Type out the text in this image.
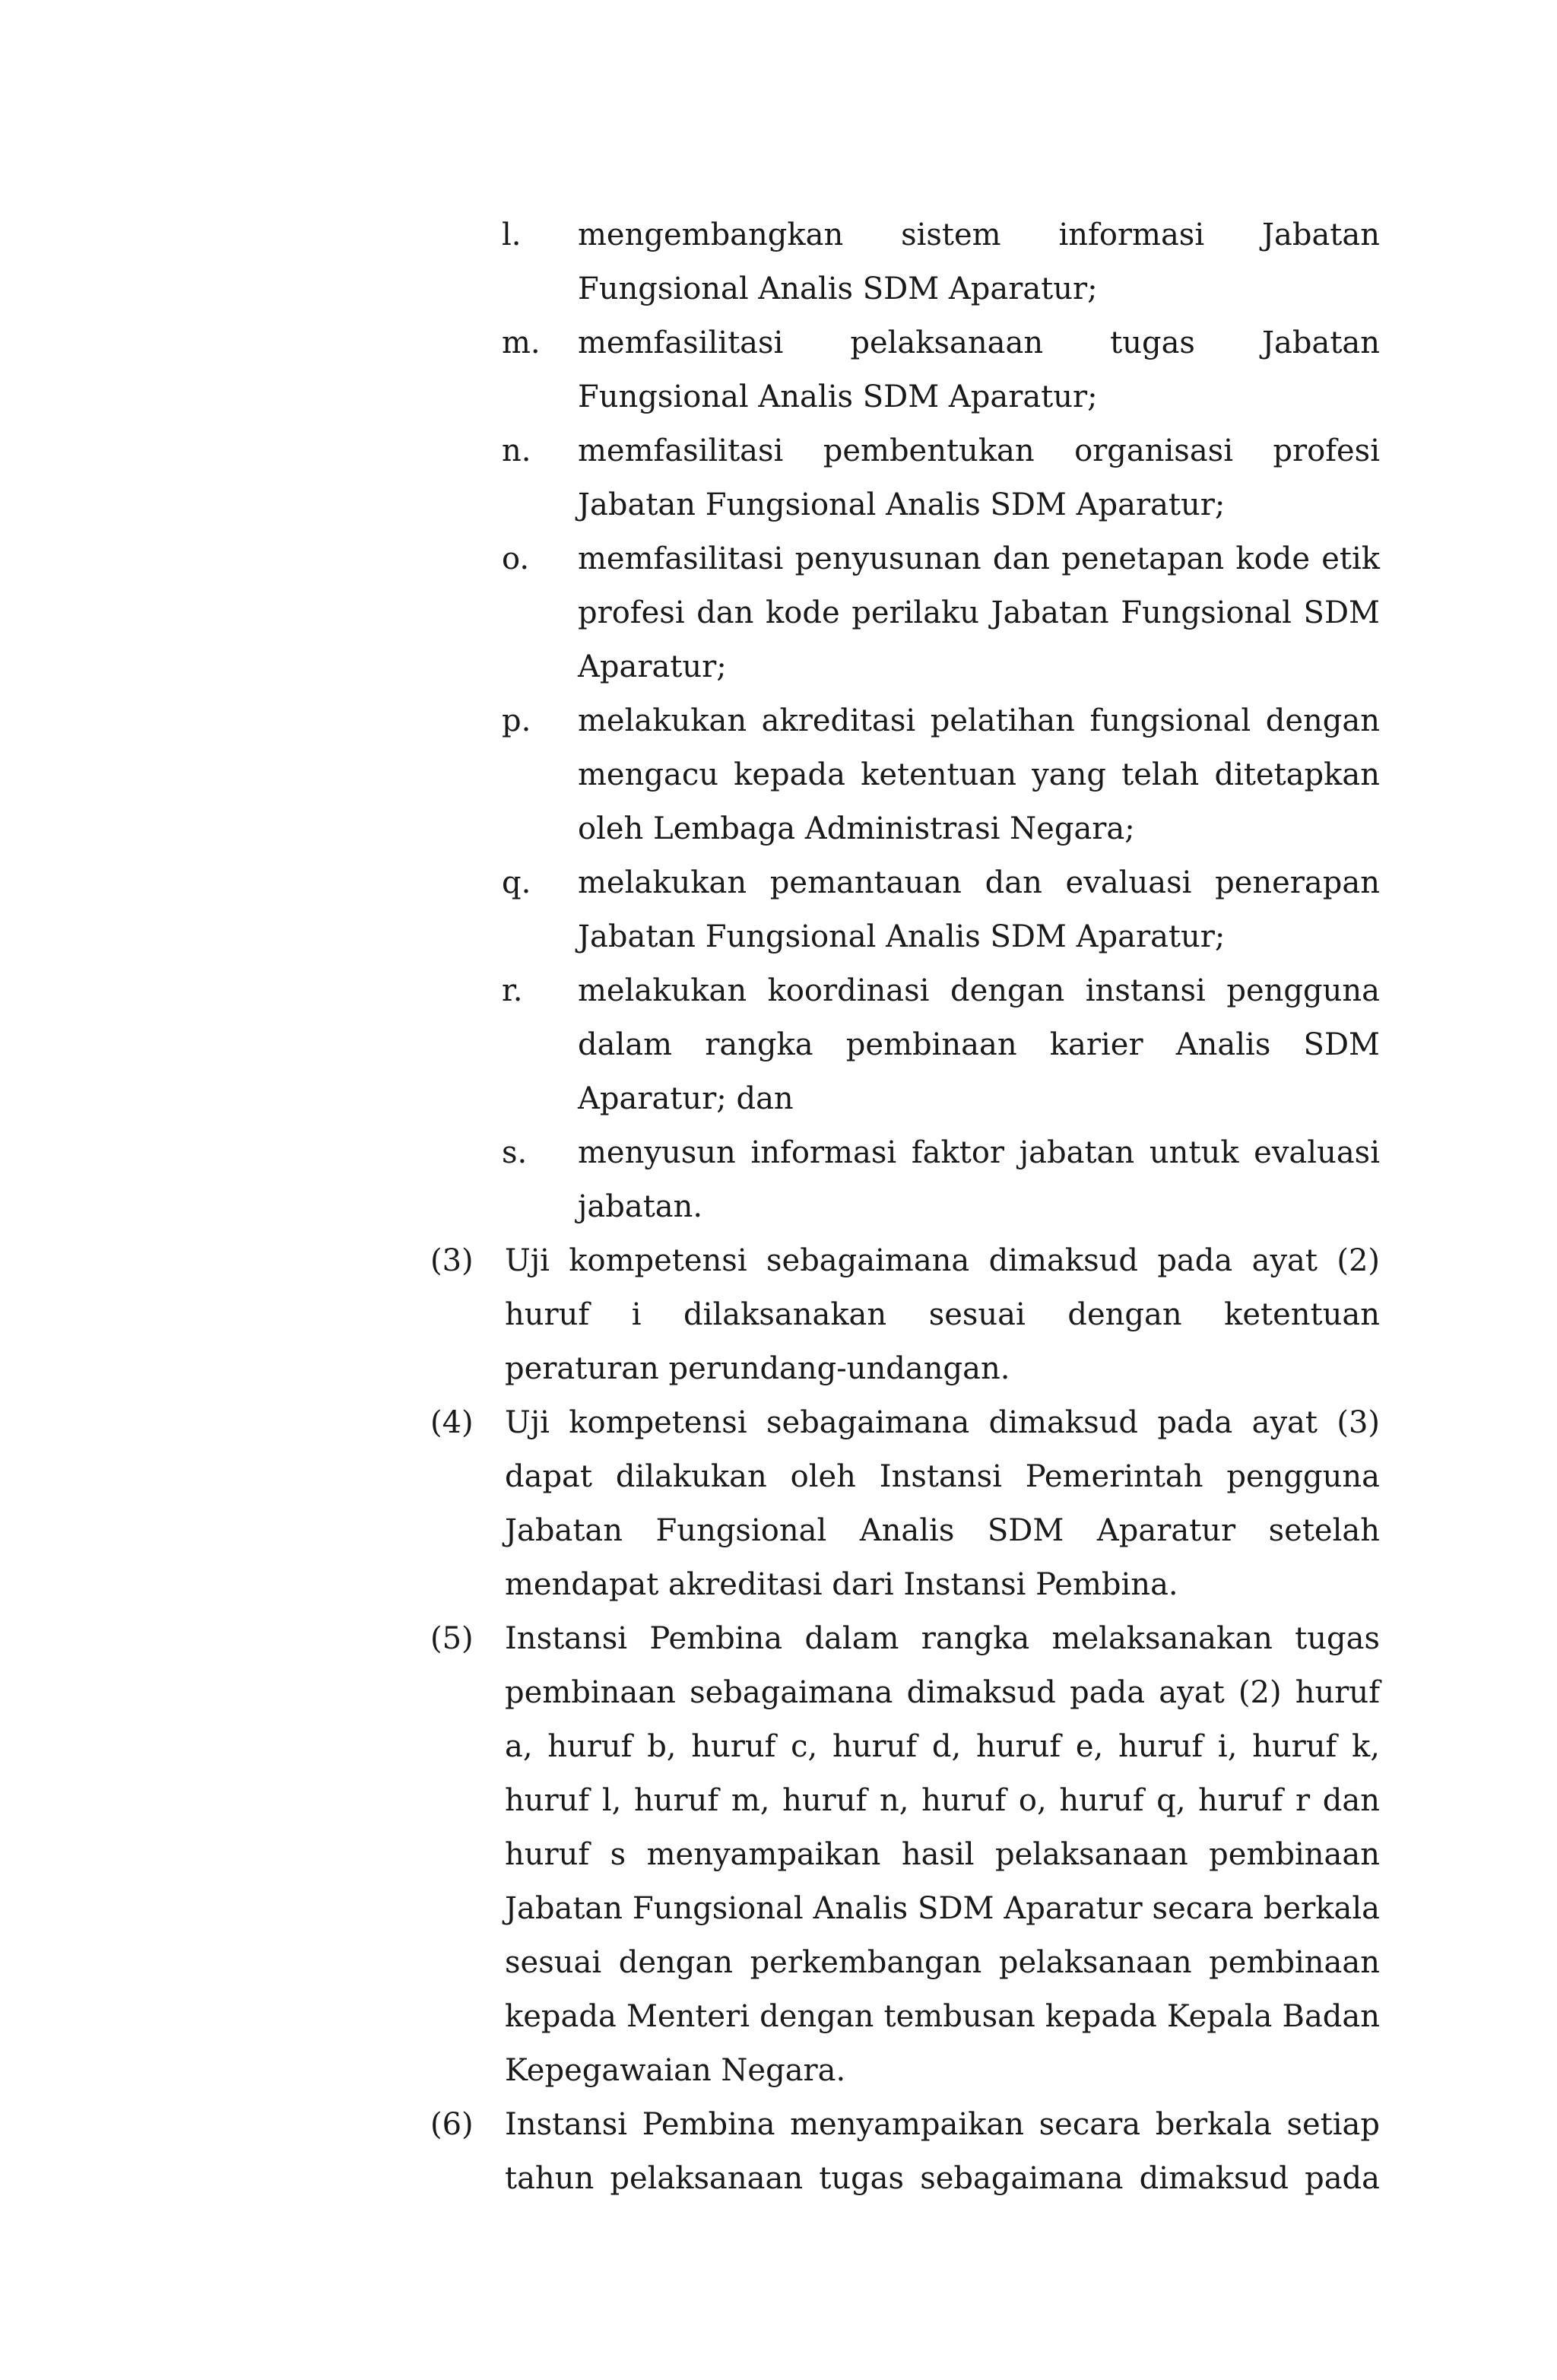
l. mengembangkan sistem informasi Jabatan Fungsional Analis SDM Aparatur;
m. memfasilitasi pelaksanaan tugas Jabatan Fungsional Analis SDM Aparatur;
n. memfasilitasi pembentukan organisasi profesi Jabatan Fungsional Analis SDM Aparatur;
o. memfasilitasi penyusunan dan penetapan kode etik profesi dan kode perilaku Jabatan Fungsional SDM Aparatur;
p. melakukan akreditasi pelatihan fungsional dengan mengacu kepada ketentuan yang telah ditetapkan oleh Lembaga Administrasi Negara;
q. melakukan pemantauan dan evaluasi penerapan Jabatan Fungsional Analis SDM Aparatur;
r. melakukan koordinasi dengan instansi pengguna dalam rangka pembinaan karier Analis SDM Aparatur; dan
s. menyusun informasi faktor jabatan untuk evaluasi jabatan.
(3) Uji kompetensi sebagaimana dimaksud pada ayat (2) huruf i dilaksanakan sesuai dengan ketentuan peraturan perundang-undangan.
(4) Uji kompetensi sebagaimana dimaksud pada ayat (3) dapat dilakukan oleh Instansi Pemerintah pengguna Jabatan Fungsional Analis SDM Aparatur setelah mendapat akreditasi dari Instansi Pembina.
(5) Instansi Pembina dalam rangka melaksanakan tugas pembinaan sebagaimana dimaksud pada ayat (2) huruf a, huruf b, huruf c, huruf d, huruf e, huruf i, huruf k, huruf l, huruf m, huruf n, huruf o, huruf q, huruf r dan huruf s menyampaikan hasil pelaksanaan pembinaan Jabatan Fungsional Analis SDM Aparatur secara berkala sesuai dengan perkembangan pelaksanaan pembinaan kepada Menteri dengan tembusan kepada Kepala Badan Kepegawaian Negara.
(6) Instansi Pembina menyampaikan secara berkala setiap tahun pelaksanaan tugas sebagaimana dimaksud pada
